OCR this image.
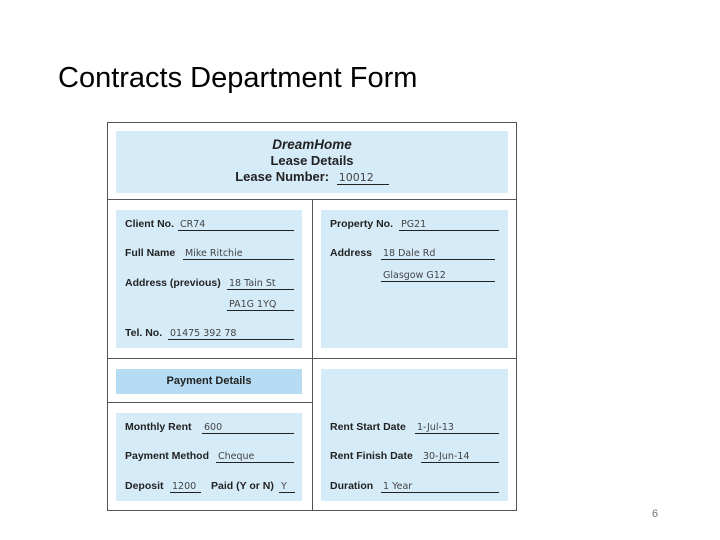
Contracts Department Form
DreamHome
Lease Details
Lease Number: 10012
Client No. CR74
Full Name Mike Ritchie
Address (previous) 18 Tain St
PA1G 1YQ
Tel. No. 01475 392 78
Property No. PG21
Address 18 Dale Rd
Glasgow G12
Payment Details
Monthly Rent 600
Payment Method Cheque
Deposit 1200	Paid (Y or N) Y
Rent Start Date 1-Jul-13
Rent Finish Date 30-Jun-14
Duration 1 Year
6
